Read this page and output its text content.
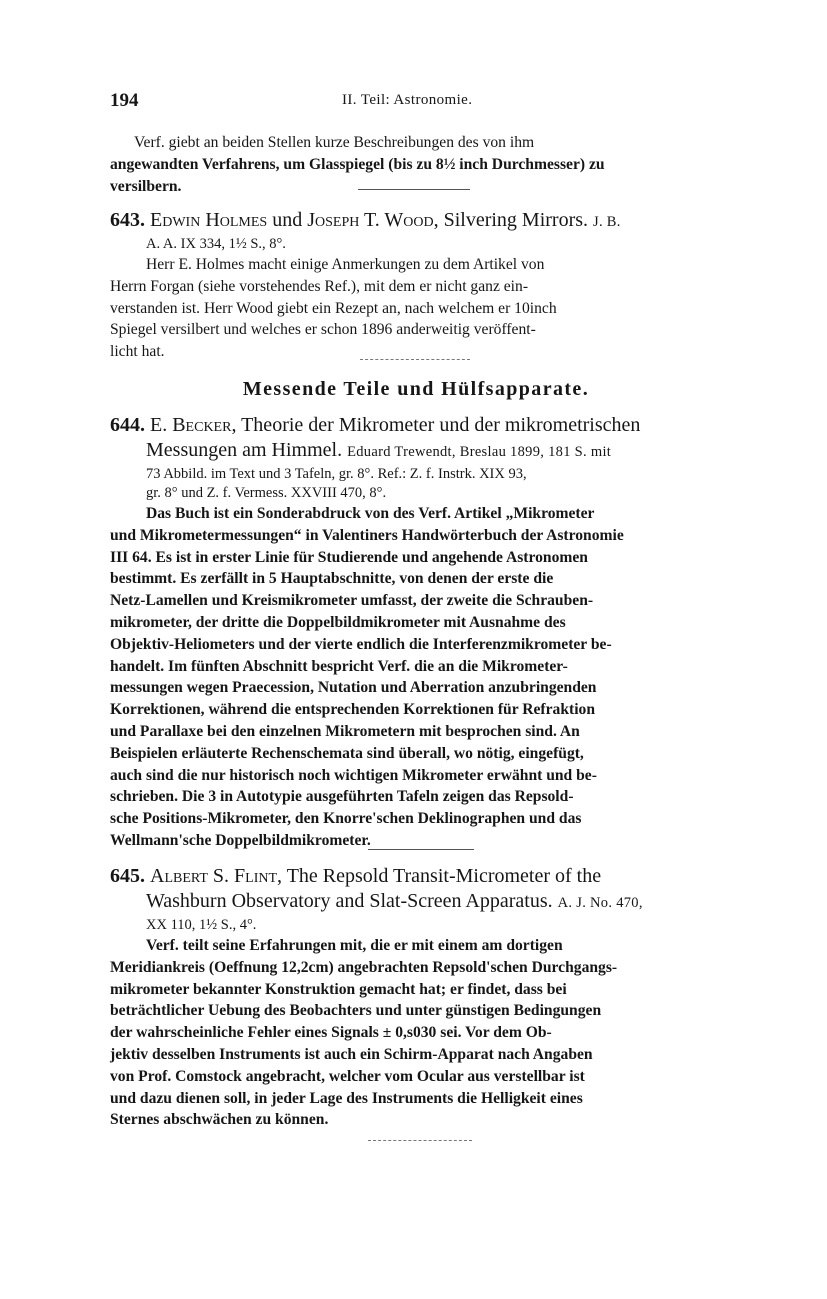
194	II. Teil: Astronomie.

Verf. giebt an beiden Stellen kurze Beschreibungen des von ihm

angewandten Verfahrens, um Glasspiegel (bis zu 8½ inch Durchmesser) zu

versilbern.

643. Edwin Holmes und Joseph T. Wood, Silvering Mirrors. J. B.

A. A. IX 334, 1½ S., 8°.

Herr E. Holmes macht einige Anmerkungen zu dem Artikel von

Herrn Forgan (siehe vorstehendes Ref.), mit dem er nicht ganz ein-

verstanden ist. Herr Wood giebt ein Rezept an, nach welchem er 10inch

Spiegel versilbert und welches er schon 1896 anderweitig veröffent-

licht hat.

Messende Teile und Hülfsapparate.

644. E. Becker, Theorie der Mikrometer und der mikrometrischen

Messungen am Himmel. Eduard Trewendt, Breslau 1899, 181 S. mit

73 Abbild. im Text und 3 Tafeln, gr. 8°. Ref.: Z. f. Instrk. XIX 93,

gr. 8° und Z. f. Vermess. XXVIII 470, 8°.

Das Buch ist ein Sonderabdruck von des Verf. Artikel „Mikrometer

und Mikrometermessungen“ in Valentiners Handwörterbuch der Astronomie

III 64. Es ist in erster Linie für Studierende und angehende Astronomen

bestimmt. Es zerfällt in 5 Hauptabschnitte, von denen der erste die

Netz-Lamellen und Kreismikrometer umfasst, der zweite die Schrauben-

mikrometer, der dritte die Doppelbildmikrometer mit Ausnahme des

Objektiv-Heliometers und der vierte endlich die Interferenzmikrometer be-

handelt. Im fünften Abschnitt bespricht Verf. die an die Mikrometer-

messungen wegen Praecession, Nutation und Aberration anzubringenden

Korrektionen, während die entsprechenden Korrektionen für Refraktion

und Parallaxe bei den einzelnen Mikrometern mit besprochen sind. An

Beispielen erläuterte Rechenschemata sind überall, wo nötig, eingefügt,

auch sind die nur historisch noch wichtigen Mikrometer erwähnt und be-

schrieben. Die 3 in Autotypie ausgeführten Tafeln zeigen das Repsold-

sche Positions-Mikrometer, den Knorre'schen Deklinographen und das

Wellmann'sche Doppelbildmikrometer.

645. Albert S. Flint, The Repsold Transit-Micrometer of the

Washburn Observatory and Slat-Screen Apparatus. A. J. No. 470,

XX 110, 1½ S., 4°.

Verf. teilt seine Erfahrungen mit, die er mit einem am dortigen

Meridiankreis (Oeffnung 12,2cm) angebrachten Repsold'schen Durchgangs-

mikrometer bekannter Konstruktion gemacht hat; er findet, dass bei

beträchtlicher Uebung des Beobachters und unter günstigen Bedingungen

der wahrscheinliche Fehler eines Signals ± 0,s030 sei. Vor dem Ob-

jektiv desselben Instruments ist auch ein Schirm-Apparat nach Angaben

von Prof. Comstock angebracht, welcher vom Ocular aus verstellbar ist

und dazu dienen soll, in jeder Lage des Instruments die Helligkeit eines

Sternes abschwächen zu können.
